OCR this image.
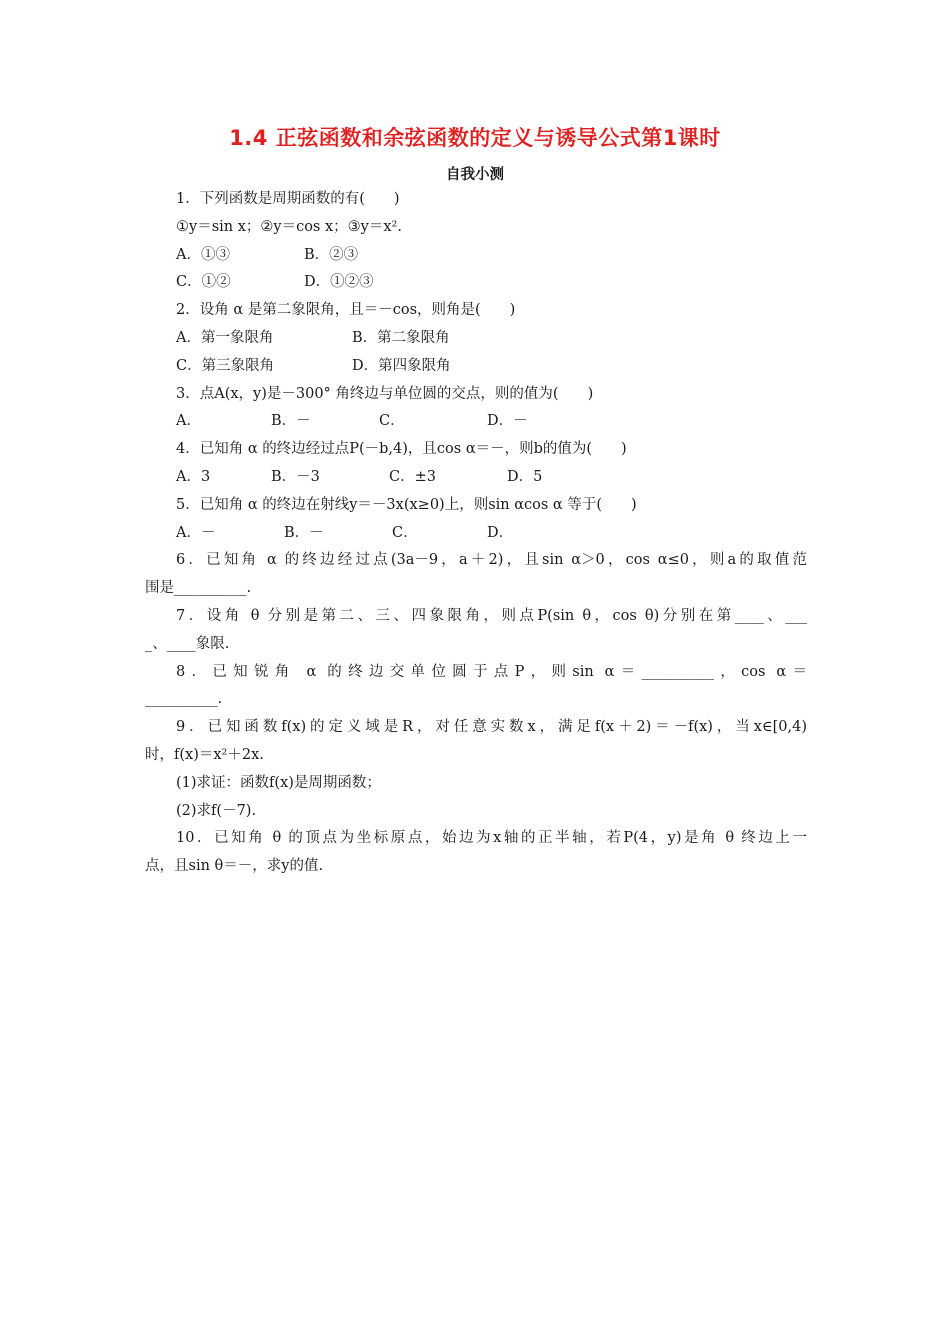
1.4 正弦函数和余弦函数的定义与诱导公式第1课时
自我小测
1．下列函数是周期函数的有(　　)
①y＝sin x；②y＝cos x；③y＝x².
A．①③	B．②③
C．①②	D．①②③
2．设角 α 是第二象限角，且＝－cos，则角是(　　)
A．第一象限角	B．第二象限角
C．第三象限角	D．第四象限角
3．点A(x，y)是－300° 角终边与单位圆的交点，则的值为(　　)
A．	B．－	C．	D．－
4．已知角 α 的终边经过点P(－b,4)，且cos α＝－，则b的值为(　　)
A．3	B．－3	C．±3	D．5
5．已知角 α 的终边在射线y＝－3x(x≥0)上，则sin αcos α 等于(　　)
A．－	B．－	C．	D．
6．已知角 α 的终边经过点(3a－9，a＋2)，且sin α＞0，cos α≤0，则a的取值范
围是__________.
7．设角 θ 分别是第二、三、四象限角，则点P(sin θ，cos θ)分别在第____、___
_、____象限.
8．已知锐角 α 的终边交单位圆于点P，则sin α＝__________，cos α＝
__________.
9．已知函数f(x)的定义域是R，对任意实数x，满足f(x＋2)＝－f(x)，当x∈[0,4)
时，f(x)＝x²＋2x.
(1)求证：函数f(x)是周期函数；
(2)求f(－7).
10．已知角 θ 的顶点为坐标原点，始边为x轴的正半轴，若P(4，y)是角 θ 终边上一
点，且sin θ＝－，求y的值.
